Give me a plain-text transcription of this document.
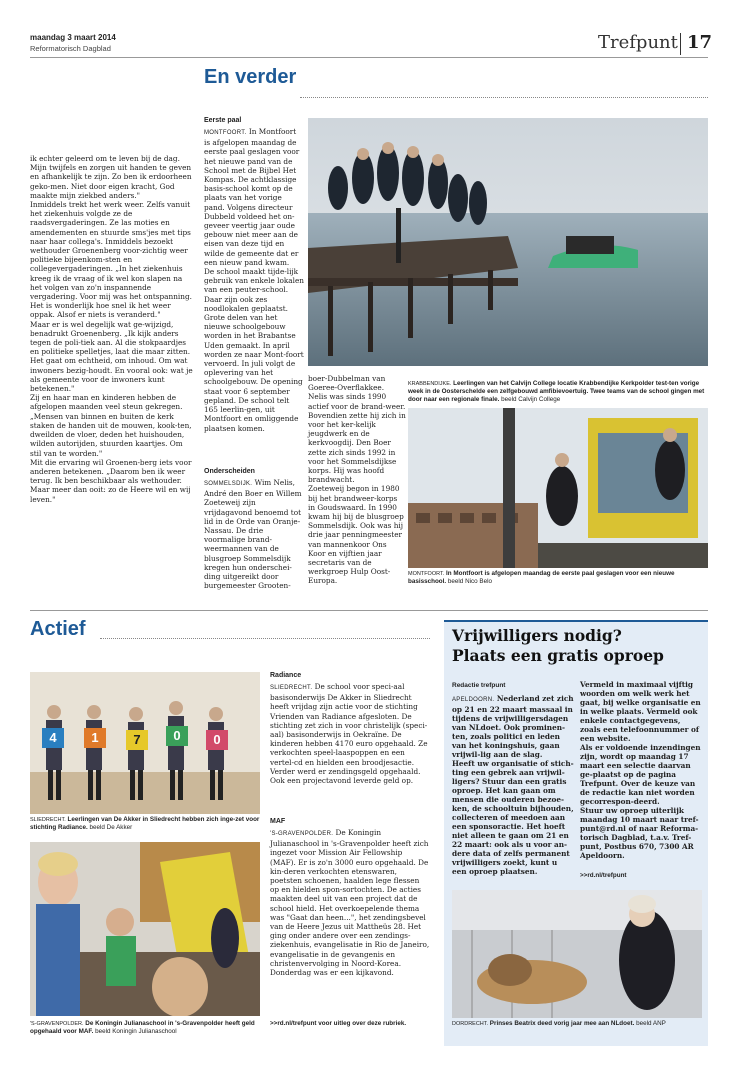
maandag 3 maart 2014
Reformatorisch Dagblad	Trefpunt 17
En verder

ik echter geleerd om te leven bij de dag. Mijn twijfels en zorgen uit handen te geven en afhankelijk te zijn. Zo ben ik erdoorheen geko-men. Niet door eigen kracht, God maakte mijn ziekbed anders."
Inmiddels trekt het werk weer. Zelfs vanuit het ziekenhuis volgde ze de raadsvergaderingen. Ze las moties en amendementen en stuurde sms'jes met tips naar haar collega's. Inmiddels bezoekt wethouder Groenenberg voor-zichtig weer politieke bijeenkom-sten en collegevergaderingen. „In het ziekenhuis kreeg ik de vraag of ik wel kon slapen na het volgen van zo'n inspannende vergadering. Voor mij was het ontspanning. Het is wonderlijk hoe snel ik het weer oppak. Alsof er niets is veranderd."
Maar er is wel degelijk wat ge-wijzigd, benadrukt Groenenberg. „Ik kijk anders tegen de poli-tiek aan. Al die stokpaardjes en politieke spelletjes, laat die maar zitten. Het gaat om echtheid, om inhoud. Om wat inwoners bezig-houdt. En vooral ook: wat je als gemeente voor de inwoners kunt betekenen."
Zij en haar man en kinderen hebben de afgelopen maanden veel steun gekregen. „Mensen van binnen en buiten de kerk staken de handen uit de mouwen, kook-ten, dweilden de vloer, deden het huishouden, wilden autorijden, stuurden kaartjes. Om stil van te worden."
Mit die ervaring wil Groenen-berg iets voor anderen betekenen. „Daarom ben ik weer terug. Ik ben beschikbaar als wethouder. Maar meer dan ooit: zo de Heere wil en wij leven."

Eerste paal

MONTFOORT. In Montfoort is afgelopen maandag de eerste paal geslagen voor het nieuwe pand van de School met de Bijbel Het Kompas. De achtklassige basis-school komt op de plaats van het vorige pand. Volgens directeur Dubbeld voldeed het on-geveer veertig jaar oude gebouw niet meer aan de eisen van deze tijd en wilde de gemeente dat er een nieuw pand kwam.
De school maakt tijde-lijk gebruik van enkele lokalen van een peuter-school. Daar zijn ook zes noodlokalen geplaatst. Grote delen van het nieuwe schoolgebouw worden in het Brabantse Uden gemaakt. In april worden ze naar Mont-foort vervoerd. In juli volgt de oplevering van het schoolgebouw. De opening staat voor 6 september gepland. De school telt 165 leerlin-gen, uit Montfoort en omliggende plaatsen komen.

Onderscheiden

SOMMELSDIJK. Wim Nelis, André den Boer en Willem Zoeteweij zijn vrijdagavond benoemd tot lid in de Orde van Oranje-Nassau. De drie voormalige brand-weermannen van de blusgroep Sommelsdijk kregen hun onderschei-ding uitgereikt door burgemeester Grooten-

boer-Dubbelman van Goeree-Overflakkee.
Nelis was sinds 1990 actief voor de brand-weer. Bovendien zette hij zich in voor het ker-kelijk jeugdwerk en de kerkvoogdij. Den Boer zette zich sinds 1992 in voor het Sommelsdijkse korps. Hij was hoofd brandwacht.
Zoeteweij begon in 1980 bij het brandweer-korps in Goudswaard. In 1990 kwam hij bij de blusgroep Sommelsdijk. Ook was hij drie jaar penningmeester van mannenkoor Ons Koor en vijftien jaar secretaris van de werkgroep Hulp Oost-Europa.

KRABBENDIJKE. Leerlingen van het Calvijn College locatie Krabbendijke Kerkpolder test-ten vorige week in de Oosterschelde een zelfgebouwd amfibievoertuig. Twee teams van de school gingen met door naar een regionale finale. beeld Calvijn College
MONTFOORT. In Montfoort is afgelopen maandag de eerste paal geslagen voor een nieuwe basisschool. beeld Nico Belo
Actief
4	1	7	0	0
SLIEDRECHT. Leerlingen van De Akker in Sliedrecht hebben zich inge-zet voor stichting Radiance. beeld De Akker
'S-GRAVENPOLDER. De Koningin Julianaschool in 's-Gravenpolder heeft geld opgehaald voor MAF. beeld Koningin Julianaschool
Radiance

SLIEDRECHT. De school voor speci-aal basisonderwijs De Akker in Sliedrecht heeft vrijdag zijn actie voor de stichting Vrienden van Radiance afgesloten. De stichting zet zich in voor christelijk (speci-aal) basisonderwijs in Oekraïne. De kinderen hebben 4170 euro opgehaald. Ze verkochten speel-laaspoppen en een vertel-cd en hielden een broodjesactie. Verder werd er zendingsgeld opgehaald. Ook een projectavond leverde geld op.

MAF

'S-GRAVENPOLDER. De Koningin Julianaschool in 's-Gravenpolder heeft zich ingezet voor Mission Air Fellowship (MAF). Er is zo'n 3000 euro opgehaald. De kin-deren verkochten etenswaren, poetsten schoenen, haalden lege flessen op en hielden spon-sortochten. De acties maakten deel uit van een project dat de school hield. Het overkoepelende thema was "Gaat dan heen...", het zendingsbevel van de Heere Jezus uit Mattheüs 28. Het ging onder andere over een zendings-ziekenhuis, evangelisatie in Rio de Janeiro, evangelisatie in de gevangenis en christenvervolging in Noord-Korea. Donderdag was er een kijkavond.

>>rd.nl/trefpunt voor uitleg over deze rubriek.
Vrijwilligers nodig?
Plaats een gratis oproep
Redactie trefpunt

APELDOORN. Nederland zet zich op 21 en 22 maart massaal in tijdens de vrijwilligersdagen van NLdoet. Ook prominen-ten, zoals politici en leden van het koningshuis, gaan vrijwil-lig aan de slag.
Heeft uw organisatie of stich-ting een gebrek aan vrijwil-ligers? Stuur dan een gratis oproep. Het kan gaan om mensen die ouderen bezoe-ken, de schooltuin bijhouden, collecteren of meedoen aan een sponsoractie. Het hoeft niet alleen te gaan om 21 en 22 maart: ook als u voor an-dere data of zelfs permanent vrijwilligers zoekt, kunt u een oproep plaatsen.

Vermeld in maximaal vijftig woorden om welk werk het gaat, bij welke organisatie en in welke plaats. Vermeld ook enkele contactgegevens, zoals een telefoonnummer of een website.
Als er voldoende inzendingen zijn, wordt op maandag 17 maart een selectie daarvan ge-plaatst op de pagina Trefpunt. Over de keuze van de redactie kan niet worden gecorrespon-deerd.
Stuur uw oproep uiterlijk maandag 10 maart naar tref-punt@rd.nl of naar Reforma-torisch Dagblad, t.a.v. Tref-punt, Postbus 670, 7300 AR Apeldoorn.

>>rd.nl/trefpunt
DORDRECHT. Prinses Beatrix deed vorig jaar mee aan NLdoet. beeld ANP
